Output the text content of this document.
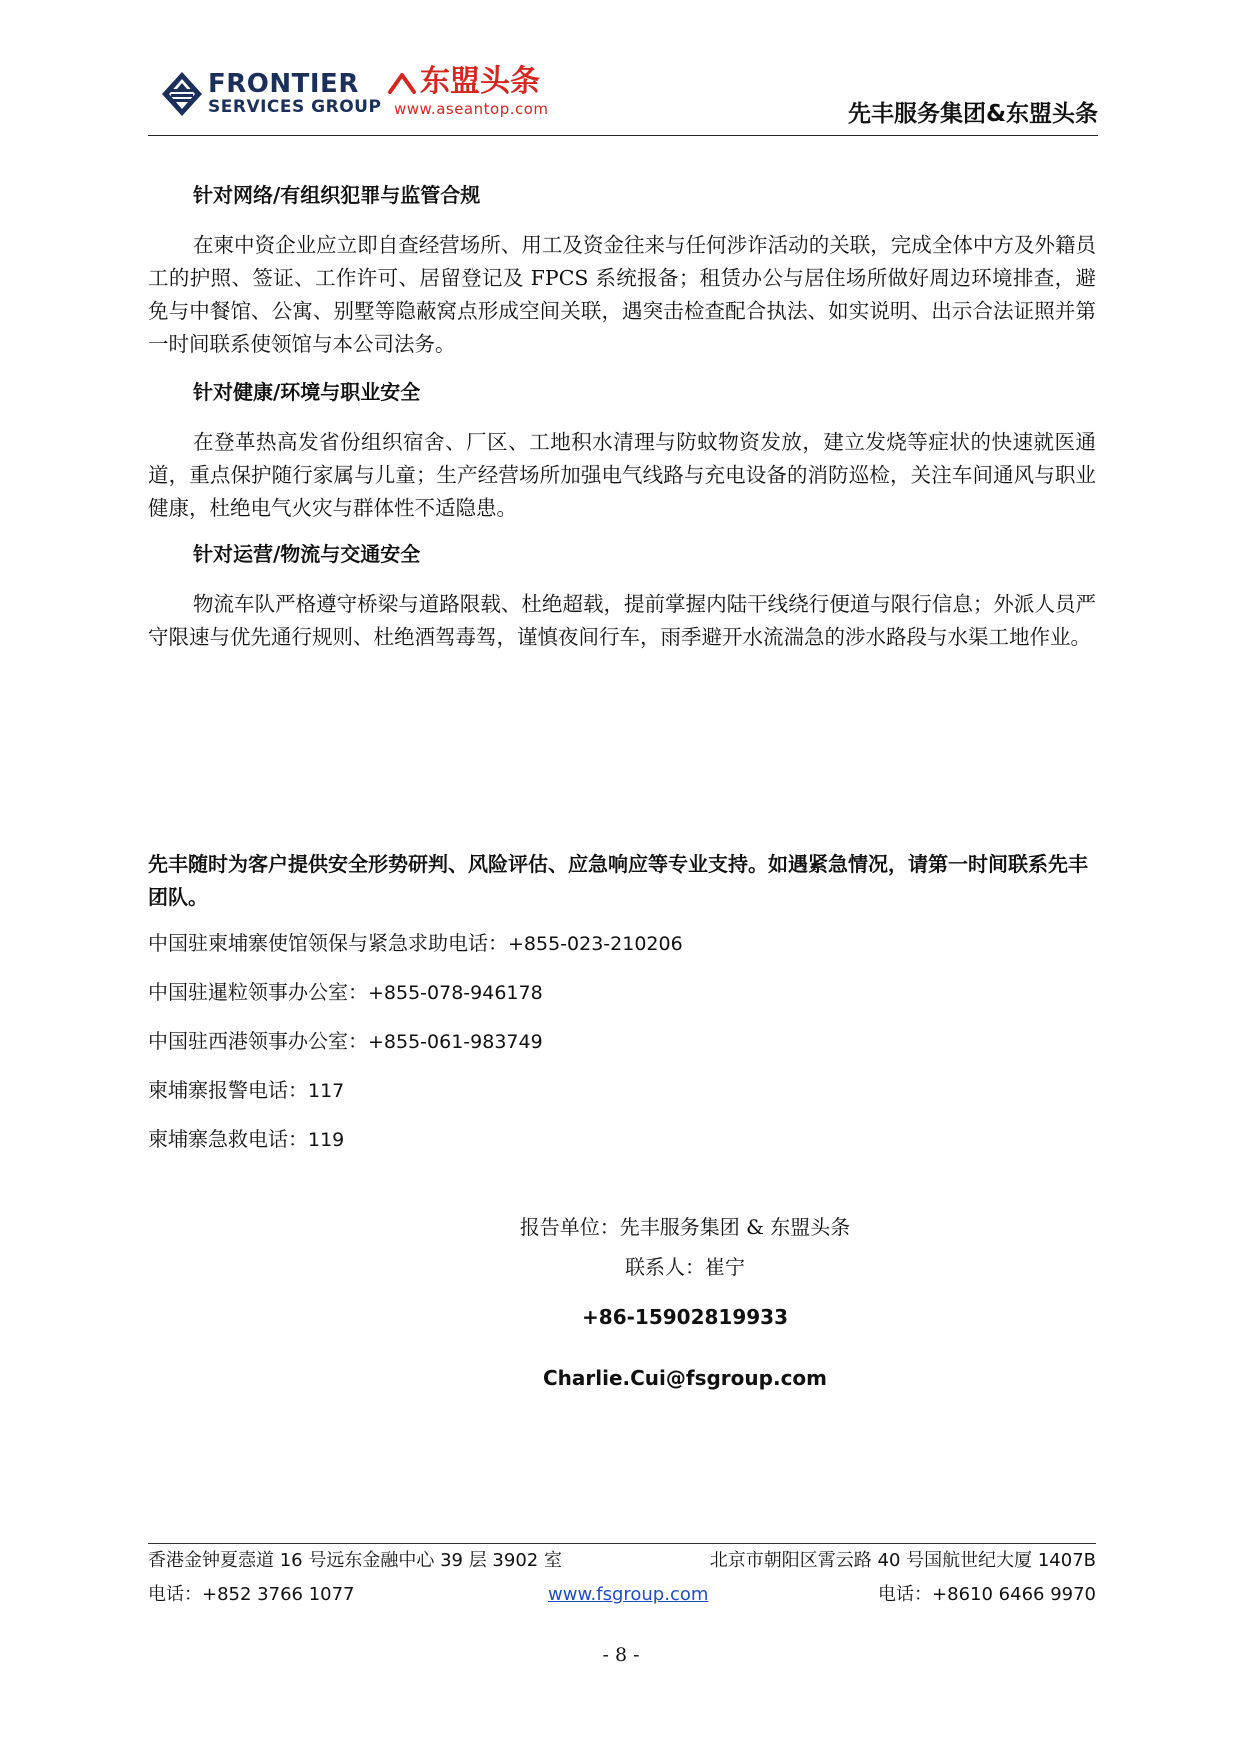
FRONTIER
SERVICES GROUP
东盟头条
www.aseantop.com	先丰服务集团&东盟头条
针对网络/有组织犯罪与监管合规

在柬中资企业应立即自查经营场所、用工及资金往来与任何涉诈活动的关联，完成全体中方及外籍员工的护照、签证、工作许可、居留登记及 FPCS 系统报备；租赁办公与居住场所做好周边环境排查，避免与中餐馆、公寓、别墅等隐蔽窝点形成空间关联，遇突击检查配合执法、如实说明、出示合法证照并第一时间联系使领馆与本公司法务。

针对健康/环境与职业安全

在登革热高发省份组织宿舍、厂区、工地积水清理与防蚊物资发放，建立发烧等症状的快速就医通道，重点保护随行家属与儿童；生产经营场所加强电气线路与充电设备的消防巡检，关注车间通风与职业健康，杜绝电气火灾与群体性不适隐患。

针对运营/物流与交通安全

物流车队严格遵守桥梁与道路限载、杜绝超载，提前掌握内陆干线绕行便道与限行信息；外派人员严守限速与优先通行规则、杜绝酒驾毒驾，谨慎夜间行车，雨季避开水流湍急的涉水路段与水渠工地作业。

先丰随时为客户提供安全形势研判、风险评估、应急响应等专业支持。如遇紧急情况，请第一时间联系先丰团队。

中国驻柬埔寨使馆领保与紧急求助电话：+855-023-210206
中国驻暹粒领事办公室：+855-078-946178
中国驻西港领事办公室：+855-061-983749
柬埔寨报警电话：117
柬埔寨急救电话：119
报告单位：先丰服务集团 & 东盟头条
联系人：崔宁
+86-15902819933
Charlie.Cui@fsgroup.com
香港金钟夏悫道 16 号远东金融中心 39 层 3902 室	北京市朝阳区霄云路 40 号国航世纪大厦 1407B
电话：+852 3766 1077	www.fsgroup.com	电话：+8610 6466 9970
- 8 -
